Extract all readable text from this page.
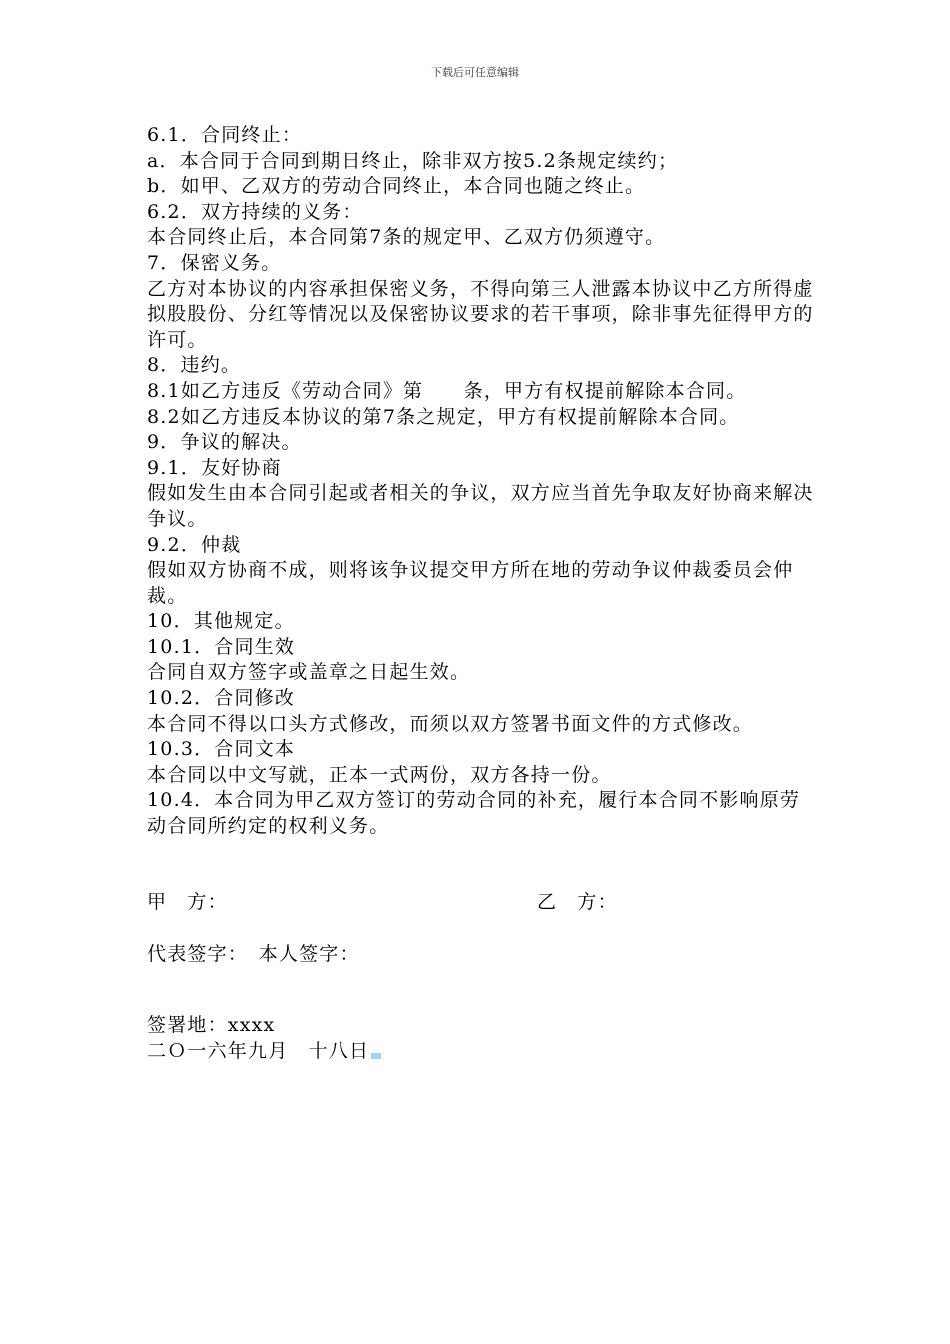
下载后可任意编辑

6.1．合同终止：

a．本合同于合同到期日终止，除非双方按5.2条规定续约；

b．如甲、乙双方的劳动合同终止，本合同也随之终止。

6.2．双方持续的义务：

本合同终止后，本合同第7条的规定甲、乙双方仍须遵守。

7．保密义务。

乙方对本协议的内容承担保密义务，不得向第三人泄露本协议中乙方所得虚拟股股份、分红等情况以及保密协议要求的若干事项，除非事先征得甲方的许可。

8．违约。

8.1如乙方违反《劳动合同》第　　条，甲方有权提前解除本合同。

8.2如乙方违反本协议的第7条之规定，甲方有权提前解除本合同。

9．争议的解决。

9.1．友好协商

假如发生由本合同引起或者相关的争议，双方应当首先争取友好协商来解决争议。

9.2．仲裁

假如双方协商不成，则将该争议提交甲方所在地的劳动争议仲裁委员会仲裁。

10．其他规定。

10.1．合同生效

合同自双方签字或盖章之日起生效。

10.2．合同修改

本合同不得以口头方式修改，而须以双方签署书面文件的方式修改。

10.3．合同文本

本合同以中文写就，正本一式两份，双方各持一份。

10.4．本合同为甲乙双方签订的劳动合同的补充，履行本合同不影响原劳动合同所约定的权利义务。

甲　方：	乙　方：

代表签字：　本人签字：

签署地：xxxx

二Ｏ一六年九月　十八日
